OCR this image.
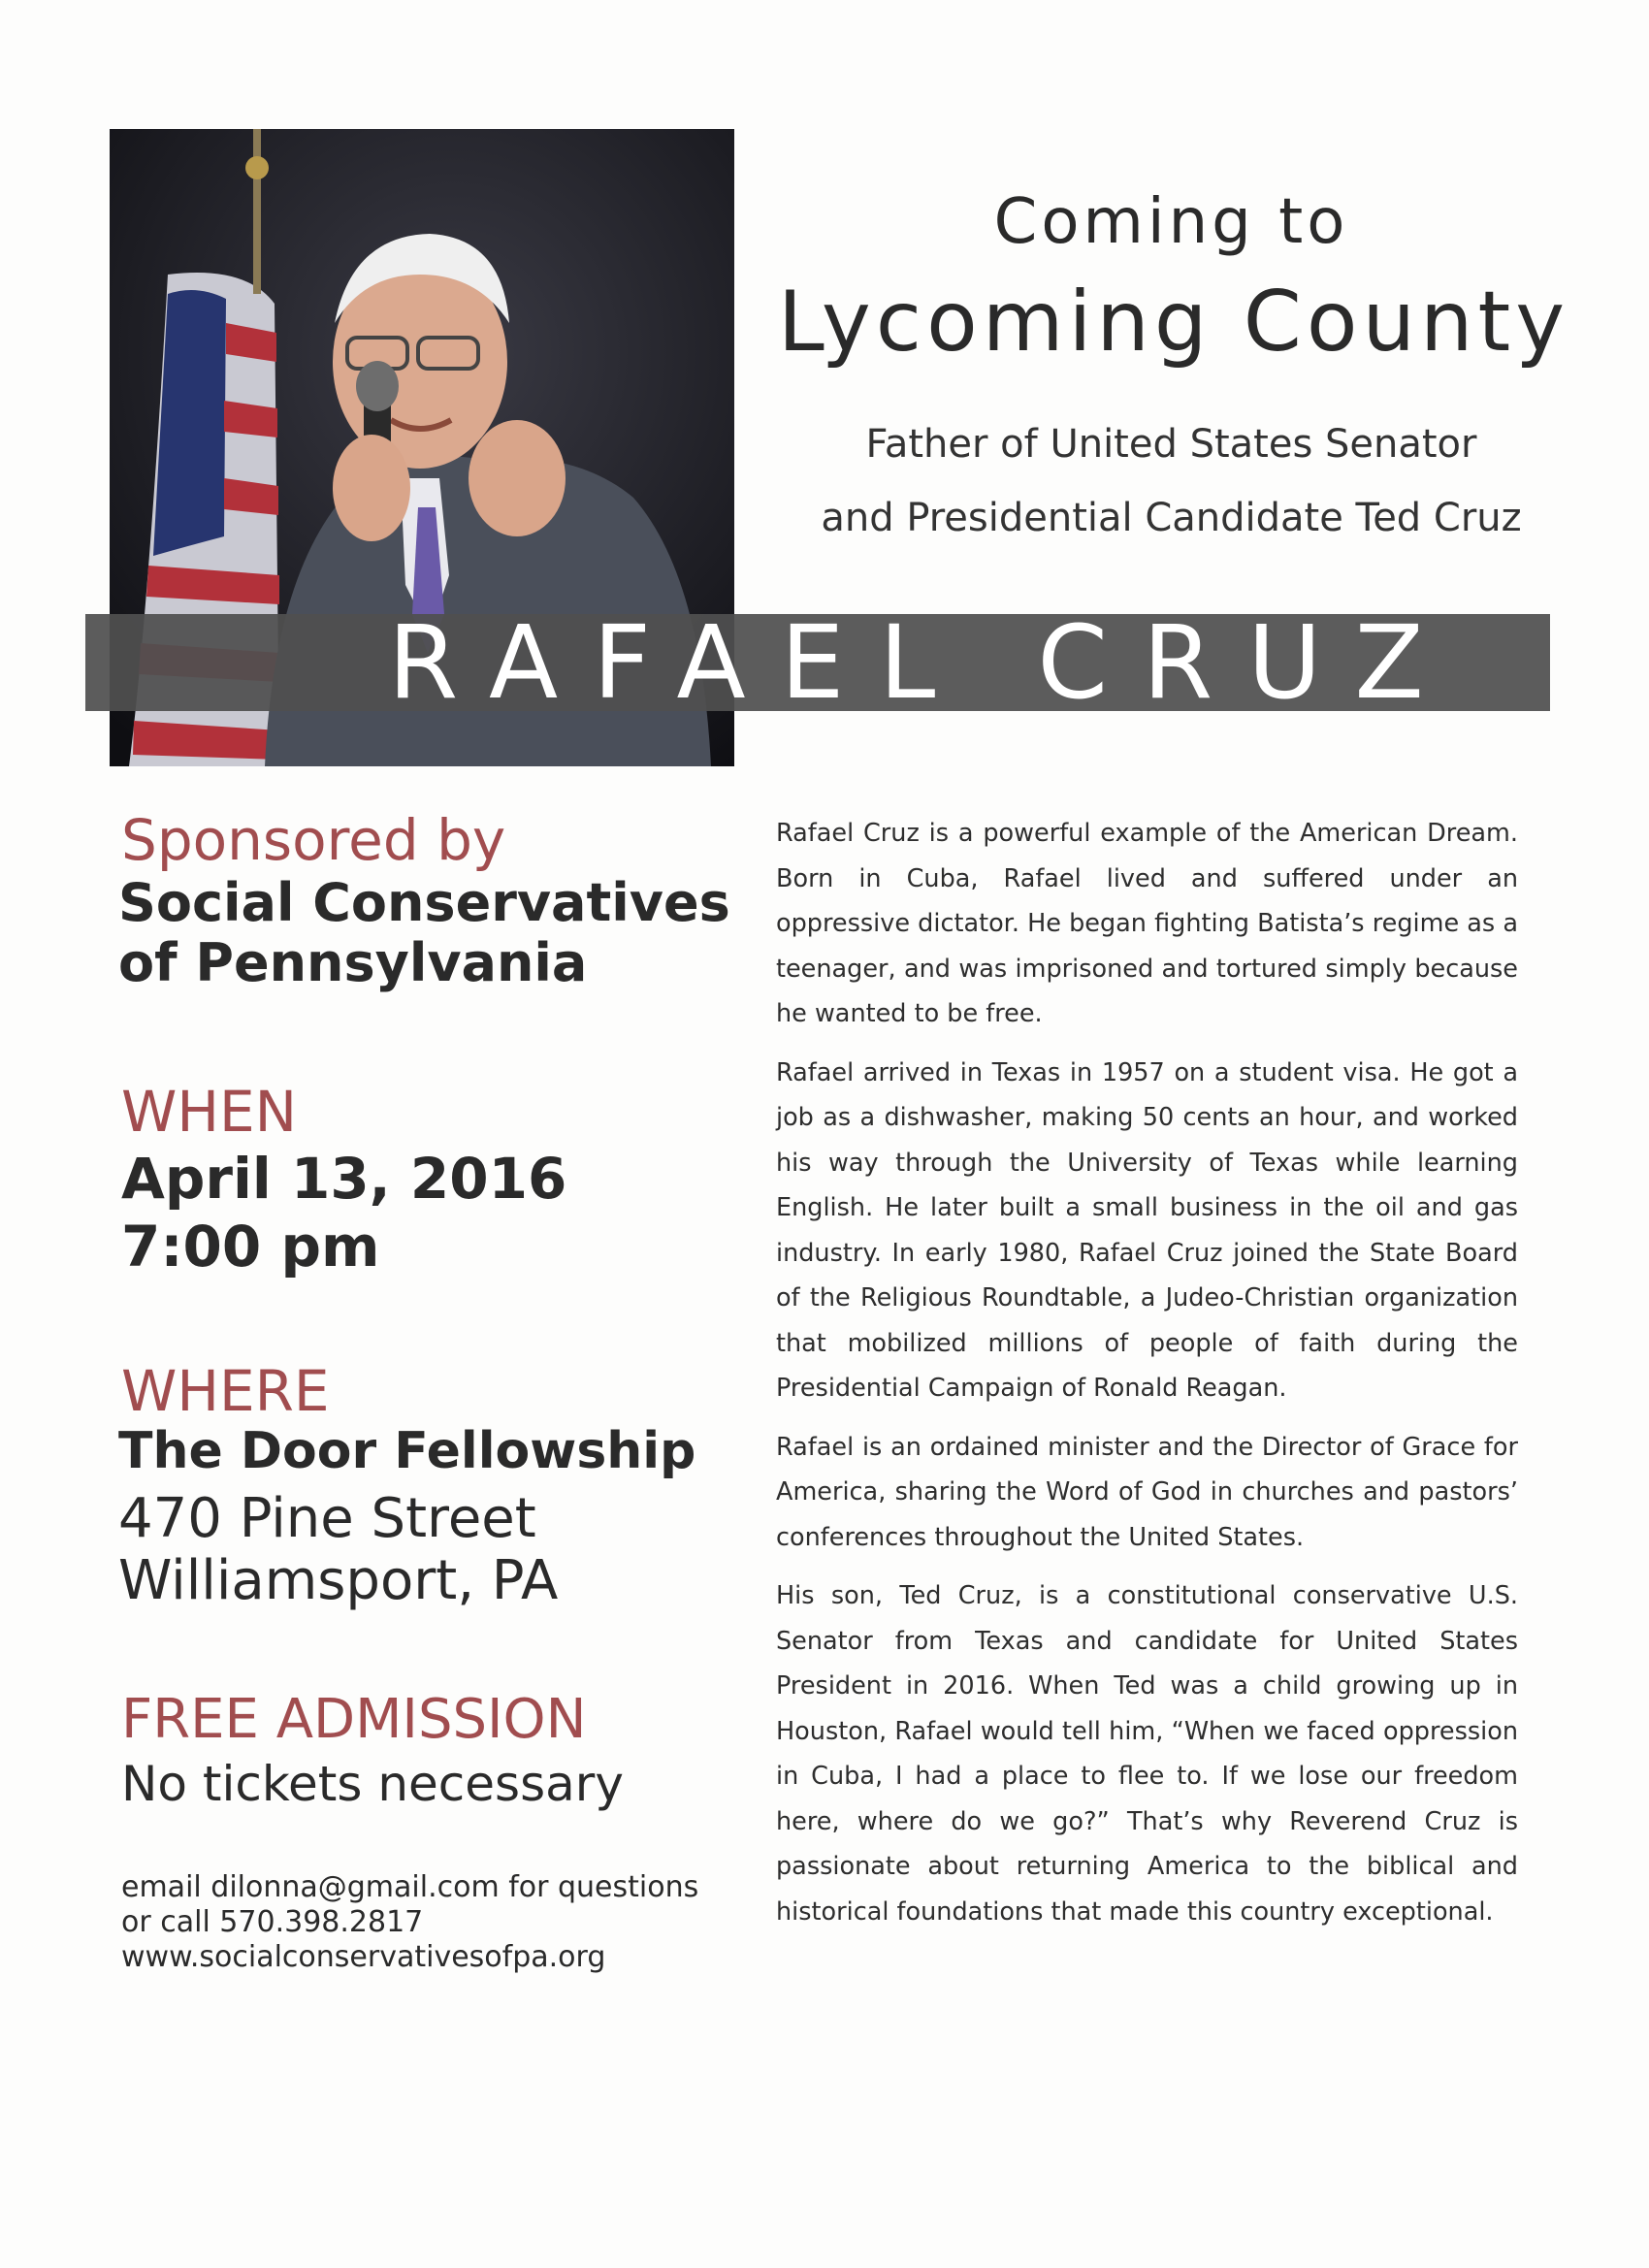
Coming to
Lycoming County
Father of United States Senator
and Presidential Candidate Ted Cruz
RAFAEL CRUZ
Sponsored by
Social Conservatives
of Pennsylvania
WHEN
April 13, 2016
7:00 pm
WHERE
The Door Fellowship
470 Pine Street
Williamsport, PA
FREE ADMISSION
No tickets necessary
email dilonna@gmail.com for questions
or call 570.398.2817
www.socialconservativesofpa.org

Rafael Cruz is a powerful example of the American Dream. Born in Cuba, Rafael lived and suffered under an oppressive dictator. He began fighting Batista’s regime as a teenager, and was imprisoned and tortured simply because he wanted to be free.

Rafael arrived in Texas in 1957 on a student visa. He got a job as a dishwasher, making 50 cents an hour, and worked his way through the University of Texas while learning English. He later built a small business in the oil and gas industry. In early 1980, Rafael Cruz joined the State Board of the Religious Roundtable, a Judeo-Christian organization that mobilized millions of people of faith during the Presidential Campaign of Ronald Reagan.

Rafael is an ordained minister and the Director of Grace for America, sharing the Word of God in churches and pastors’ conferences throughout the United States.

His son, Ted Cruz, is a constitutional conservative U.S. Senator from Texas and candidate for United States President in 2016. When Ted was a child growing up in Houston, Rafael would tell him, “When we faced oppression in Cuba, I had a place to flee to. If we lose our freedom here, where do we go?” That’s why Reverend Cruz is passionate about returning America to the biblical and historical foundations that made this country exceptional.
